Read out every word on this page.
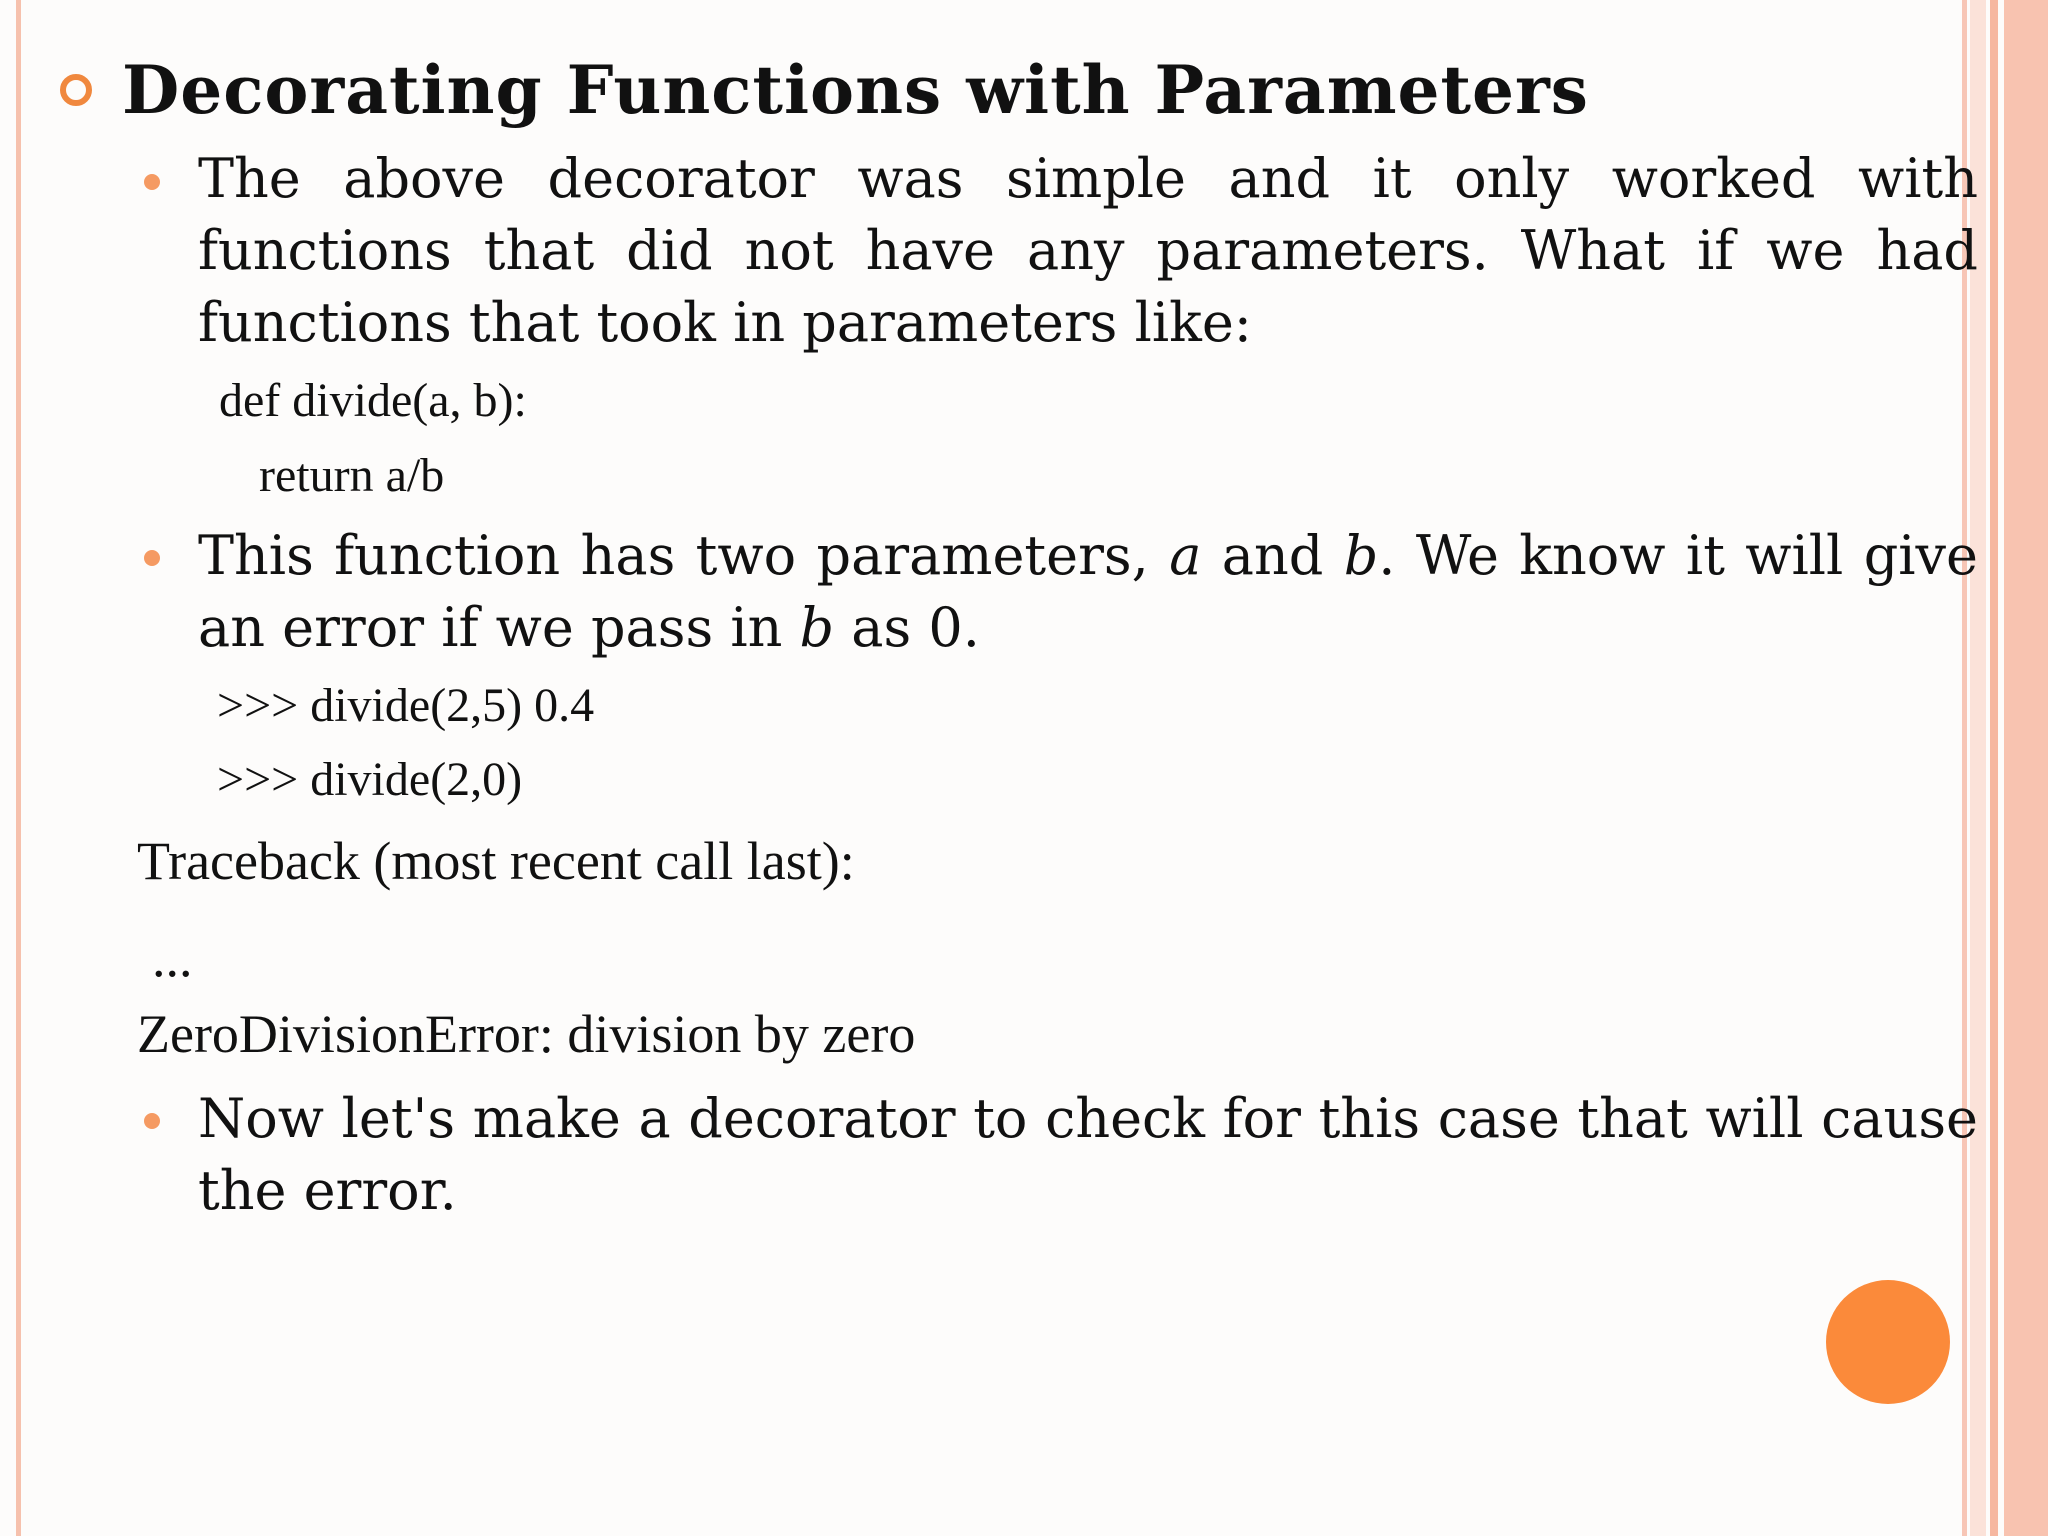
Decorating Functions with Parameters
The above decorator was simple and it only worked with
functions that did not have any parameters. What if we had
functions that took in parameters like:
def divide(a, b):
return a/b
This function has two parameters, a and b. We know it will give
an error if we pass in b as 0.
>>> divide(2,5) 0.4
>>> divide(2,0)
Traceback (most recent call last):
...
ZeroDivisionError: division by zero
Now let's make a decorator to check for this case that will cause
the error.
